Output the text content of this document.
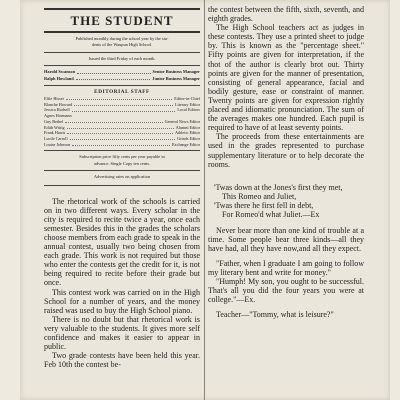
THE STUDENT
Published monthly during the school year by the stu-
dents of the Waupun High School.
Issued the third Friday of each month.
Harold Swanson	Senior Business Manager
Ralph Howland	Junior Business Manager
EDITORIAL STAFF
Effie Hisser	Editor-in-Chief
Blanche Howard	Literary Editor
Jessica Hodsell	Local Editors
Agnes Hormann
Guy Bethel	General News Editor
Edith Wittig	Alumni Editor
Frank Harris	Athletic Editor
Lucile Carroll	Grinds Editor
Louise Johnson	Exchange Editor
Subscription price fifty cents per year payable in
advance. Single Copy ten cents.
Advertising rates on application

The rhetorical work of the schools is carried on in two different ways. Every scholar in the city is required to recite twice a year, once each semester. Besides this in the grades the scholars choose members from each grade to speak in the annual contest, usually two being chosen from each grade. This work is not required but those who enter the contests get the credit for it, is not being required to recite before their grade but once.

This contest work was carried on in the High School for a number of years, and the money raised was used to buy the High School piano.

There is no doubt but that rhetorical work is very valuable to the students. It gives more self confidence and makes it easier to appear in public.

Two grade contests have been held this year. Feb 10th the contest be-

the contest between the fifth, sixth, seventh, and eighth grades.

The High School teachers act as judges in these contests. They use a printed sheet to judge by. This is known as the "percentage sheet." Fifty points are given for interpretation, if the thot of the author is clearly brot out. Thirty points are given for the manner of presentation, consisting of general appearance, facial and bodily gesture, ease or constraint of manner. Twenty points are given for expression rightly placed and idiomatic pronunciation. The sum of the averages makes one hundred. Each pupil is required to have of at least seventy points.

The proceeds from these entertainments are used in the grades represented to purchase supplementary literature or to help decorate the rooms.

'Twas down at the Jones's first they met,

This Romeo and Juliet,

'Twas there he first fell in debt,

For Romeo'd what Juliet.—Ex

Never bear more than one kind of trouble at a time. Some people bear three kinds—all they have had, all they have now,and all they expect.

"Father, when I graduate I am going to follow my literary bent and write for money."

"Humph! My son, you ought to be successful. That's all you did the four years you were at college."—Ex.

Teacher—"Tommy, what is leisure?"
